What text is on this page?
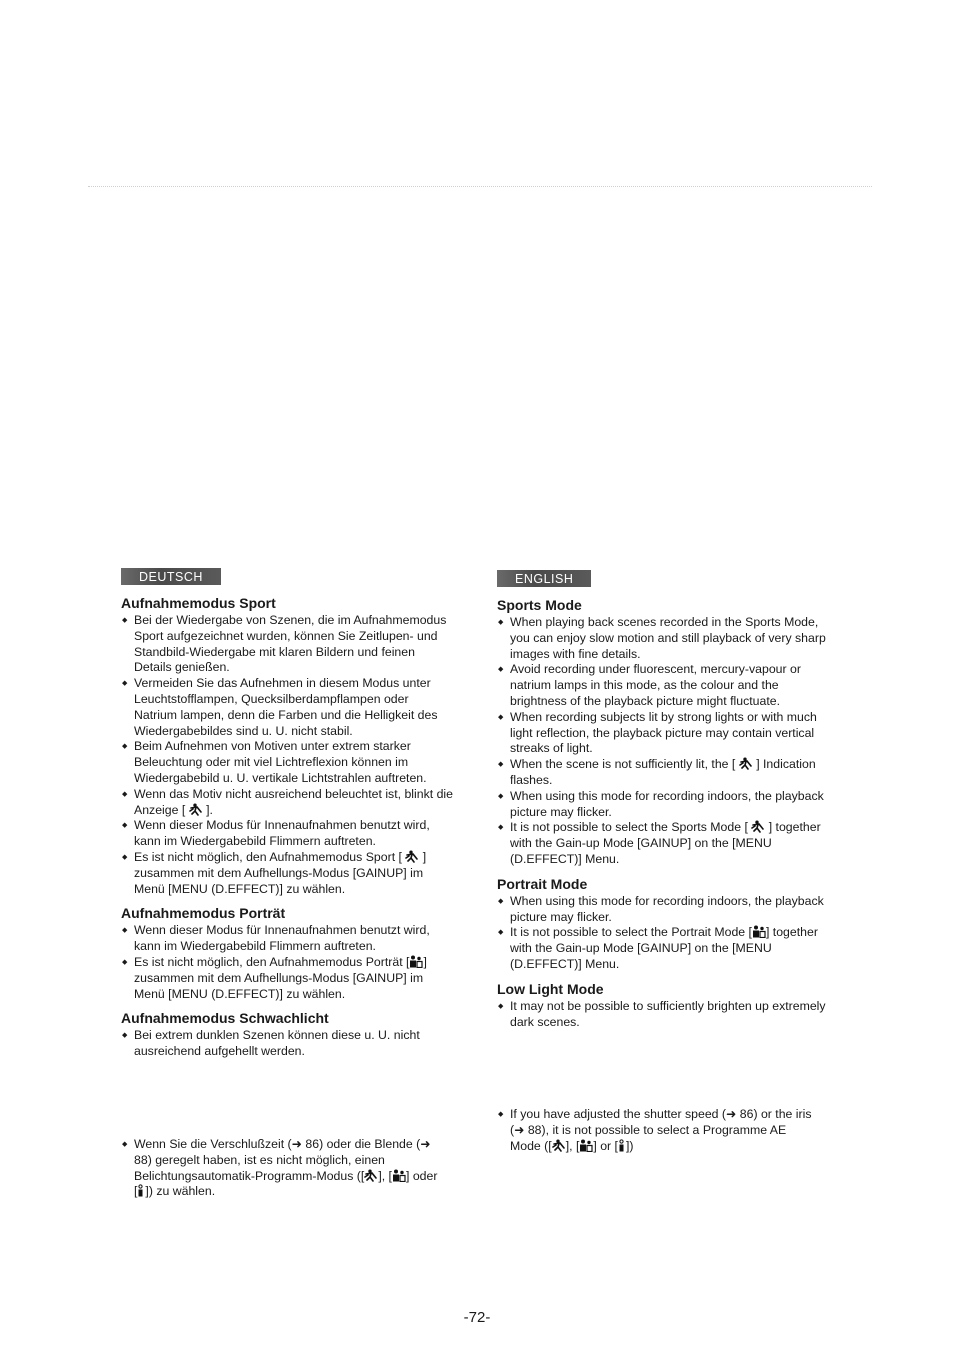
DEUTSCH
Aufnahmemodus Sport
◆ Bei der Wiedergabe von Szenen, die im Aufnahmemodus Sport aufgezeichnet wurden, können Sie Zeitlupen- und Standbild-Wiedergabe mit klaren Bildern und feinen Details genießen.
◆ Vermeiden Sie das Aufnehmen in diesem Modus unter Leuchtstofflampen, Quecksilberdampflampen oder Natrium lampen, denn die Farben und die Helligkeit des Wiedergabebildes sind u. U. nicht stabil.
◆ Beim Aufnehmen von Motiven unter extrem starker Beleuchtung oder mit viel Lichtreflexion können im Wiedergabebild u. U. vertikale Lichtstrahlen auftreten.
◆ Wenn das Motiv nicht ausreichend beleuchtet ist, blinkt die Anzeige [ ].
◆ Wenn dieser Modus für Innenaufnahmen benutzt wird, kann im Wiedergabebild Flimmern auftreten.
◆ Es ist nicht möglich, den Aufnahmemodus Sport [ ] zusammen mit dem Aufhellungs-Modus [GAINUP] im Menü [MENU (D.EFFECT)] zu wählen.
Aufnahmemodus Porträt
◆ Wenn dieser Modus für Innenaufnahmen benutzt wird, kann im Wiedergabebild Flimmern auftreten.
◆ Es ist nicht möglich, den Aufnahmemodus Porträt [ ] zusammen mit dem Aufhellungs-Modus [GAINUP] im Menü [MENU (D.EFFECT)] zu wählen.
Aufnahmemodus Schwachlicht
◆ Bei extrem dunklen Szenen können diese u. U. nicht ausreichend aufgehellt werden.
◆ Wenn Sie die Verschlußzeit (➜ 86) oder die Blende (➜ 88) geregelt haben, ist es nicht möglich, einen Belichtungsautomatik-Programm-Modus ([ ], [ ] oder [ ]) zu wählen.
ENGLISH
Sports Mode
◆ When playing back scenes recorded in the Sports Mode, you can enjoy slow motion and still playback of very sharp images with fine details.
◆ Avoid recording under fluorescent, mercury-vapour or natrium lamps in this mode, as the colour and the brightness of the playback picture might fluctuate.
◆ When recording subjects lit by strong lights or with much light reflection, the playback picture may contain vertical streaks of light.
◆ When the scene is not sufficiently lit, the [ ] Indication flashes.
◆ When using this mode for recording indoors, the playback picture may flicker.
◆ It is not possible to select the Sports Mode [ ] together with the Gain-up Mode [GAINUP] on the [MENU (D.EFFECT)] Menu.
Portrait Mode
◆ When using this mode for recording indoors, the playback picture may flicker.
◆ It is not possible to select the Portrait Mode [ ] together with the Gain-up Mode [GAINUP] on the [MENU (D.EFFECT)] Menu.
Low Light Mode
◆ It may not be possible to sufficiently brighten up extremely dark scenes.
◆ If you have adjusted the shutter speed (➜ 86) or the iris (➜ 88), it is not possible to select a Programme AE Mode ([ ], [ ] or [ ])
-72-
